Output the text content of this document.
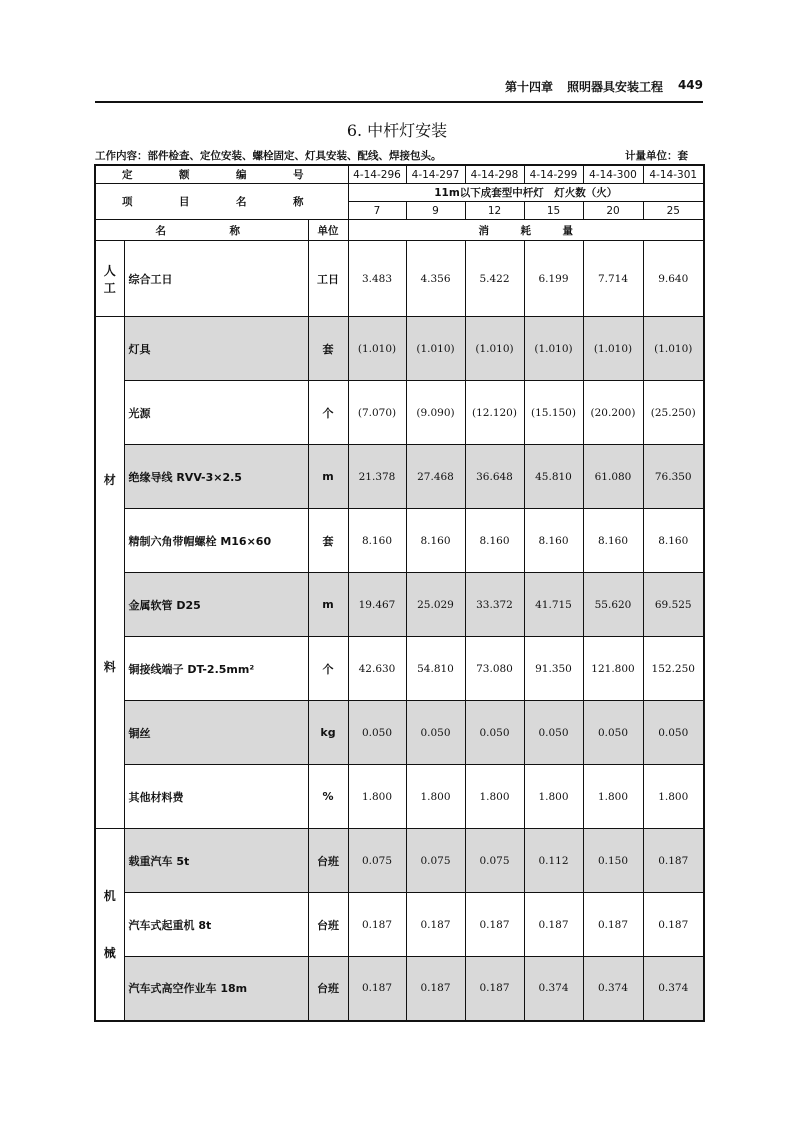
第十四章 照明器具安装工程 449
6. 中杆灯安装
工作内容：部件检查、定位安装、螺栓固定、灯具安装、配线、焊接包头。	计量单位：套
定　额　编　号			4-14-296	4-14-297	4-14-298	4-14-299	4-14-300	4-14-301
项　目　名　称			11m以下成套型中杆灯　灯火数（火）					
			7	9	12	15	20	25
名　　　称		单位	消　　　耗　　　量					

人
工	综合工日	工日	3.483	4.356	5.422	6.199	7.714	9.640

材
料	灯具	套	(1.010)	(1.010)	(1.010)	(1.010)	(1.010)	(1.010)
	光源	个	(7.070)	(9.090)	(12.120)	(15.150)	(20.200)	(25.250)
	绝缘导线 RVV-3×2.5	m	21.378	27.468	36.648	45.810	61.080	76.350
	精制六角带帽螺栓 M16×60	套	8.160	8.160	8.160	8.160	8.160	8.160
	金属软管 D25	m	19.467	25.029	33.372	41.715	55.620	69.525
	铜接线端子 DT-2.5mm²	个	42.630	54.810	73.080	91.350	121.800	152.250
	铜丝	kg	0.050	0.050	0.050	0.050	0.050	0.050
	其他材料费	%	1.800	1.800	1.800	1.800	1.800	1.800

机
械	载重汽车 5t	台班	0.075	0.075	0.075	0.112	0.150	0.187
	汽车式起重机 8t	台班	0.187	0.187	0.187	0.187	0.187	0.187
	汽车式高空作业车 18m	台班	0.187	0.187	0.187	0.374	0.374	0.374
